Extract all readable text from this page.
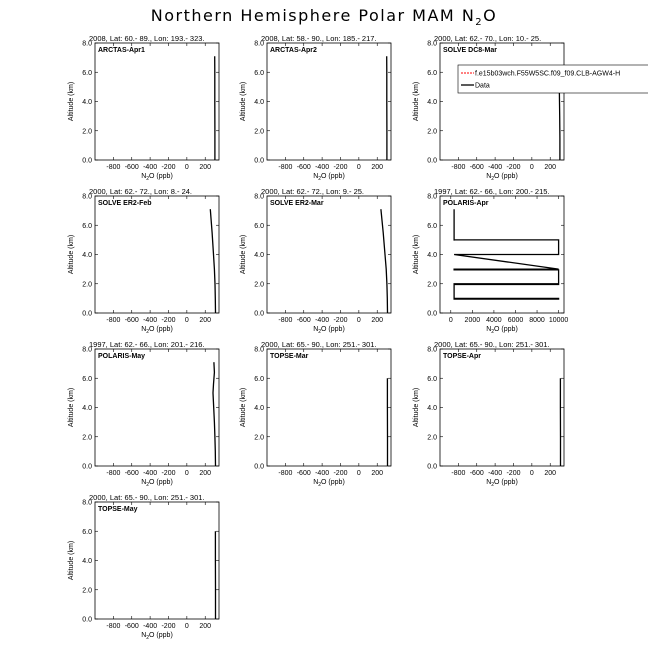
Northern Hemisphere Polar MAM $N_2O$
2008, Lat: 60.- 89., Lon: 193.- 323.
ARCTAS-Apr1
0.0
2.0
4.0
6.0
8.0
-800 -600 -400 -200 0 200
$N_2O$ (ppb)
Altitude (km)
2008, Lat: 58.- 90., Lon: 185.- 217.
ARCTAS-Apr2
0.0
2.0
4.0
6.0
8.0
-800 -600 -400 -200 0 200
$N_2O$ (ppb)
Altitude (km)
2000, Lat: 62.- 70., Lon: 10.- 25.
SOLVE DC8-Mar
0.0
2.0
4.0
6.0
8.0
-800 -600 -400 -200 0 200
$N_2O$ (ppb)
Altitude (km)
f.e15b03wch.F55W5SC.f09_f09.CLB-AGW4-H
Data
2000, Lat: 62.- 72., Lon: 8.- 24.
SOLVE ER2-Feb
0.0
2.0
4.0
6.0
8.0
-800 -600 -400 -200 0 200
$N_2O$ (ppb)
Altitude (km)
2000, Lat: 62.- 72., Lon: 9.- 25.
SOLVE ER2-Mar
0.0
2.0
4.0
6.0
8.0
-800 -600 -400 -200 0 200
$N_2O$ (ppb)
Altitude (km)
1997, Lat: 62.- 66., Lon: 200.- 215.
POLARIS-Apr
0.0
2.0
4.0
6.0
8.0
0 2000 4000 6000 8000 10000
$N_2O$ (ppb)
Altitude (km)
1997, Lat: 62.- 66., Lon: 201.- 216.
POLARIS-May
0.0
2.0
4.0
6.0
8.0
-800 -600 -400 -200 0 200
$N_2O$ (ppb)
Altitude (km)
2000, Lat: 65.- 90., Lon: 251.- 301.
TOPSE-Mar
0.0
2.0
4.0
6.0
8.0
-800 -600 -400 -200 0 200
$N_2O$ (ppb)
Altitude (km)
2000, Lat: 65.- 90., Lon: 251.- 301.
TOPSE-Apr
0.0
2.0
4.0
6.0
8.0
-800 -600 -400 -200 0 200
$N_2O$ (ppb)
Altitude (km)
2000, Lat: 65.- 90., Lon: 251.- 301.
TOPSE-May
0.0
2.0
4.0
6.0
8.0
-800 -600 -400 -200 0 200
$N_2O$ (ppb)
Altitude (km)
